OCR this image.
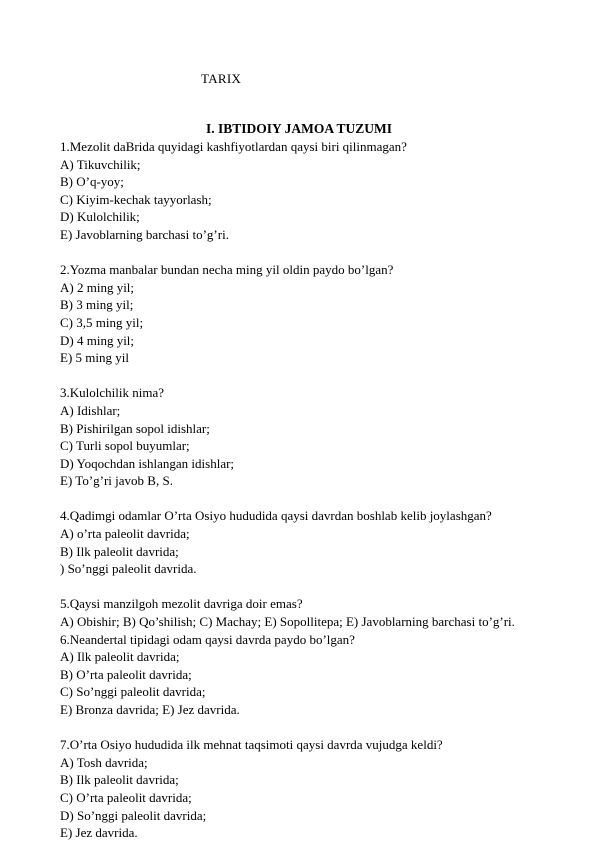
TARIX
I. IBTIDOIY JAMOA TUZUMI
1.Mezolit daBrida quyidagi kashfiyotlardan qaysi biri qilinmagan?
A) Tikuvchilik;
B) O’q-yoy;
C) Kiyim-kechak tayyorlash;
D) Kulolchilik;
E) Javoblarning barchasi to’g’ri.
2.Yozma manbalar bundan necha ming yil oldin paydo bo’lgan?
A) 2 ming yil;
B) 3 ming yil;
C) 3,5 ming yil;
D) 4 ming yil;
E) 5 ming yil
3.Kulolchilik nima?
A) Idishlar;
B) Pishirilgan sopol idishlar;
C) Turli sopol buyumlar;
D) Yoqochdan ishlangan idishlar;
E) To’g’ri javob B, S.
4.Qadimgi odamlar O’rta Osiyo hududida qaysi davrdan boshlab kelib joylashgan?
A) o’rta paleolit davrida;
B) Ilk paleolit davrida;
) So’nggi paleolit davrida.
5.Qaysi manzilgoh mezolit davriga doir emas?
A) Obishir; B) Qo’shilish; C) Machay; E) Sopollitepa; E) Javoblarning barchasi to’g’ri.
6.Neandertal tipidagi odam qaysi davrda paydo bo’lgan?
A) Ilk paleolit davrida;
B) O’rta paleolit davrida;
C) So’nggi paleolit davrida;
E) Bronza davrida; E) Jez davrida.
7.O’rta Osiyo hududida ilk mehnat taqsimoti qaysi davrda vujudga keldi?
A) Tosh davrida;
B) Ilk paleolit davrida;
C) O’rta paleolit davrida;
D) So’nggi paleolit davrida;
E) Jez davrida.
